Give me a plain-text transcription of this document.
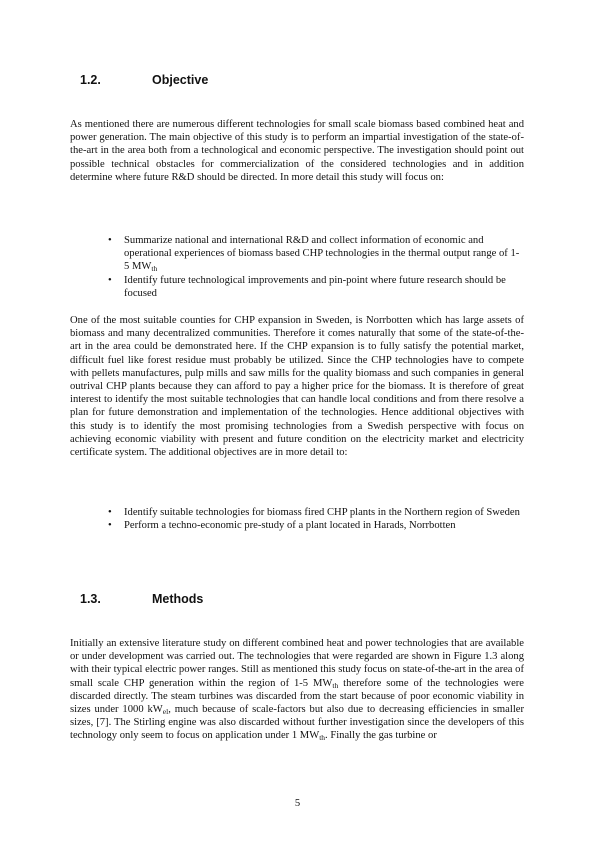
1.2.	Objective

As mentioned there are numerous different technologies for small scale biomass based combined heat and power generation. The main objective of this study is to perform an impartial investigation of the state-of-the-art in the area both from a technological and economic perspective. The investigation should point out possible technical obstacles for commercialization of the considered technologies and in addition determine where future R&D should be directed. In more detail this study will focus on:

• Summarize national and international R&D and collect information of economic and operational experiences of biomass based CHP technologies in the thermal output range of 1-5 $MW_{th}$
• Identify future technological improvements and pin-point where future research should be focused

One of the most suitable counties for CHP expansion in Sweden, is Norrbotten which has large assets of biomass and many decentralized communities. Therefore it comes naturally that some of the state-of-the-art in the area could be demonstrated here. If the CHP expansion is to fully satisfy the potential market, difficult fuel like forest residue must probably be utilized. Since the CHP technologies have to compete with pellets manufactures, pulp mills and saw mills for the quality biomass and such companies in general outrival CHP plants because they can afford to pay a higher price for the biomass. It is therefore of great interest to identify the most suitable technologies that can handle local conditions and from there resolve a plan for future demonstration and implementation of the technologies. Hence additional objectives with this study is to identify the most promising technologies from a Swedish perspective with focus on achieving economic viability with present and future condition on the electricity market and electricity certificate system. The additional objectives are in more detail to:

• Identify suitable technologies for biomass fired CHP plants in the Northern region of Sweden
• Perform a techno-economic pre-study of a plant located in Harads, Norrbotten
1.3.	Methods

Initially an extensive literature study on different combined heat and power technologies that are available or under development was carried out. The technologies that were regarded are shown in Figure 1.3 along with their typical electric power ranges. Still as mentioned this study focus on state-of-the-art in the area of small scale CHP generation within the region of 1-5 $MW_{th}$ therefore some of the technologies were discarded directly. The steam turbines was discarded from the start because of poor economic viability in sizes under 1000 $kW_{el}$, much because of scale-factors but also due to decreasing efficiencies in smaller sizes, [7]. The Stirling engine was also discarded without further investigation since the developers of this technology only seem to focus on application under 1 $MW_{th}$. Finally the gas turbine or

5
